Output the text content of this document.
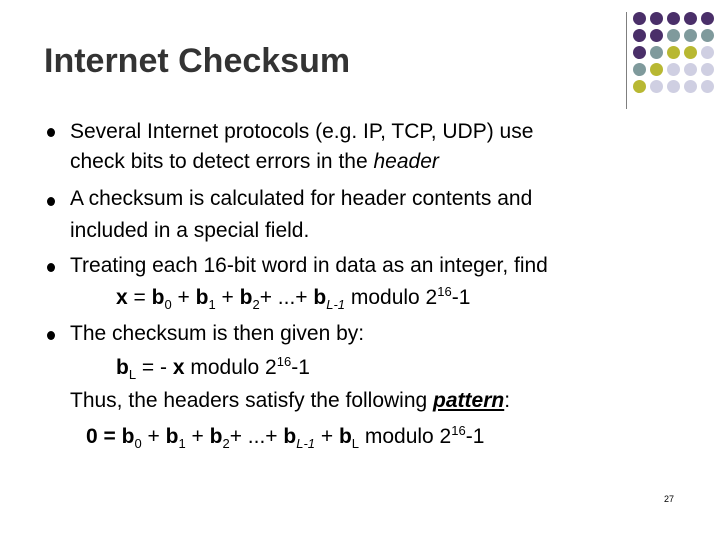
Internet Checksum
Several Internet protocols (e.g. IP, TCP, UDP) use
check bits to detect errors in the header
A checksum is calculated for header contents and
included in a special field.
Treating each 16-bit word in data as an integer, find
$x = b_0 + b_1 + b_2+$ ...+ $b_{L-1}$ modulo $2^{16}-1$
The checksum is then given by:
$b_L$ = - x modulo $2^{16}-1$
Thus, the headers satisfy the following pattern:
$0 = b_0 + b_1 + b_2+$ ...+ $b_{L-1} + b_L$ modulo $2^{16}-1$
27
